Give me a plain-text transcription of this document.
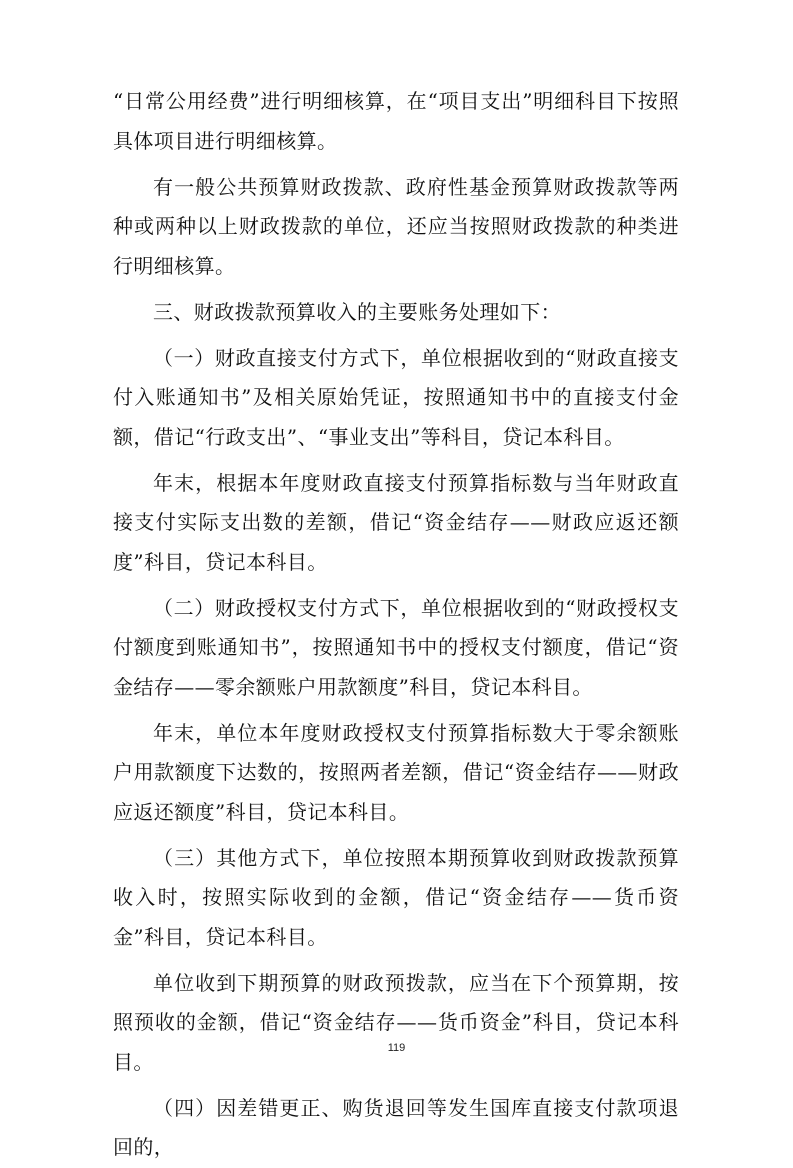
“日常公用经费”进行明细核算，在“项目支出”明细科目下按照具体项目进行明细核算。

有一般公共预算财政拨款、政府性基金预算财政拨款等两种或两种以上财政拨款的单位，还应当按照财政拨款的种类进行明细核算。

三、财政拨款预算收入的主要账务处理如下：

（一）财政直接支付方式下，单位根据收到的“财政直接支付入账通知书”及相关原始凭证，按照通知书中的直接支付金额，借记“行政支出”、“事业支出”等科目，贷记本科目。

年末，根据本年度财政直接支付预算指标数与当年财政直接支付实际支出数的差额，借记“资金结存——财政应返还额度”科目，贷记本科目。

（二）财政授权支付方式下，单位根据收到的“财政授权支付额度到账通知书”，按照通知书中的授权支付额度，借记“资金结存——零余额账户用款额度”科目，贷记本科目。

年末，单位本年度财政授权支付预算指标数大于零余额账户用款额度下达数的，按照两者差额，借记“资金结存——财政应返还额度”科目，贷记本科目。

（三）其他方式下，单位按照本期预算收到财政拨款预算收入时，按照实际收到的金额，借记“资金结存——货币资金”科目，贷记本科目。

单位收到下期预算的财政预拨款，应当在下个预算期，按照预收的金额，借记“资金结存——货币资金”科目，贷记本科目。

（四）因差错更正、购货退回等发生国库直接支付款项退回的，

119
